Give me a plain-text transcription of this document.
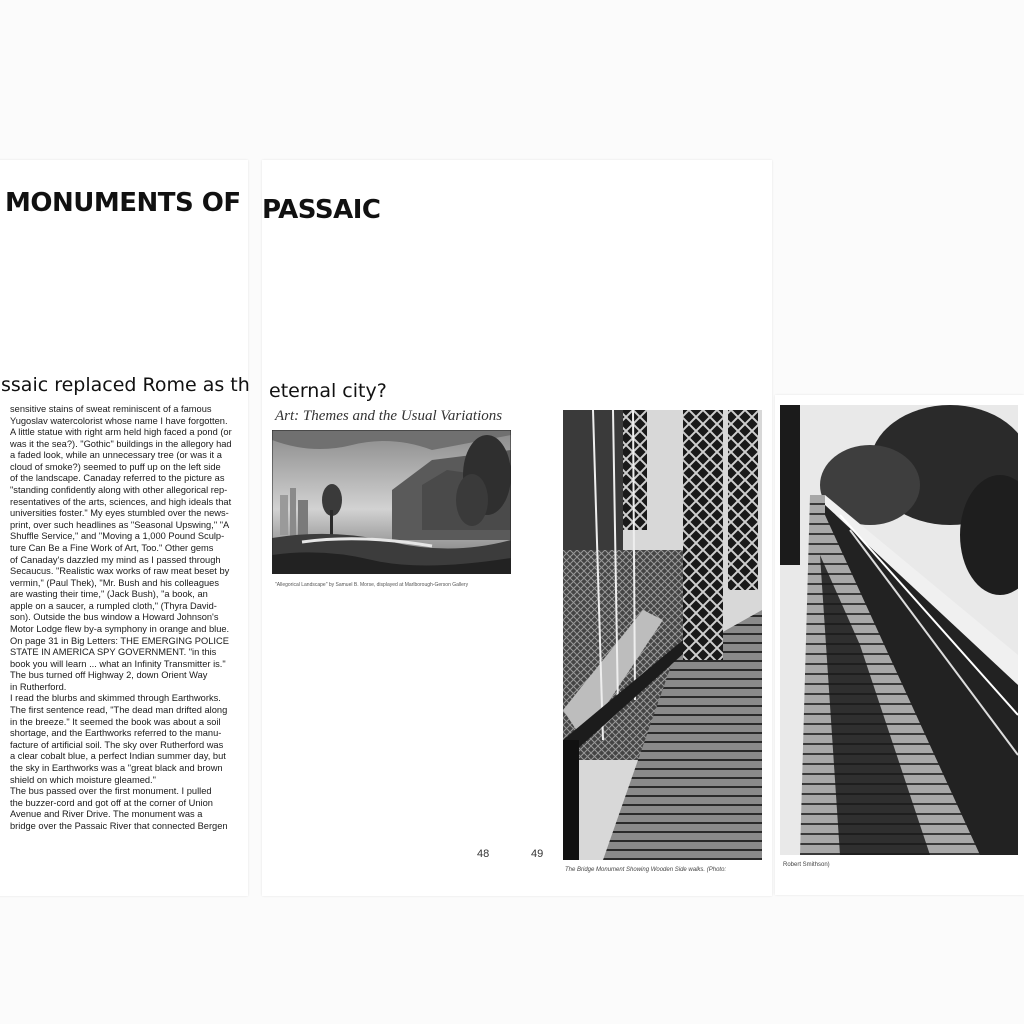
MONUMENTS OF PASSAIC
ssaic replaced Rome as th eternal city?
sensitive stains of sweat reminiscent of a famous
Yugoslav watercolorist whose name I have forgotten.
A little statue with right arm held high faced a pond (or
was it the sea?). "Gothic" buildings in the allegory had
a faded look, while an unnecessary tree (or was it a
cloud of smoke?) seemed to puff up on the left side
of the landscape. Canaday referred to the picture as
"standing confidently along with other allegorical rep-
resentatives of the arts, sciences, and high ideals that
universities foster." My eyes stumbled over the news-
print, over such headlines as "Seasonal Upswing," "A
Shuffle Service," and "Moving a 1,000 Pound Sculp-
ture Can Be a Fine Work of Art, Too." Other gems
of Canaday's dazzled my mind as I passed through
Secaucus. "Realistic wax works of raw meat beset by
vermin," (Paul Thek), "Mr. Bush and his colleagues
are wasting their time," (Jack Bush), "a book, an
apple on a saucer, a rumpled cloth," (Thyra David-
son). Outside the bus window a Howard Johnson's
Motor Lodge flew by-a symphony in orange and blue.
On page 31 in Big Letters: THE EMERGING POLICE
STATE IN AMERICA SPY GOVERNMENT. "in this
book you will learn ... what an Infinity Transmitter is."
The bus turned off Highway 2, down Orient Way
in Rutherford.
I read the blurbs and skimmed through Earthworks.
The first sentence read, "The dead man drifted along
in the breeze." It seemed the book was about a soil
shortage, and the Earthworks referred to the manu-
facture of artificial soil. The sky over Rutherford was
a clear cobalt blue, a perfect Indian summer day, but
the sky in Earthworks was a "great black and brown
shield on which moisture gleamed."
The bus passed over the first monument. I pulled
the buzzer-cord and got off at the corner of Union
Avenue and River Drive. The monument was a
bridge over the Passaic River that connected Bergen
Art: Themes and the Usual Variations
"Allegorical Landscape" by Samuel B. Morse, displayed at Marlborough-Gerson Gallery
The Bridge Monument Showing Wooden Side walks. (Photo:
Robert Smithson)
48	49
